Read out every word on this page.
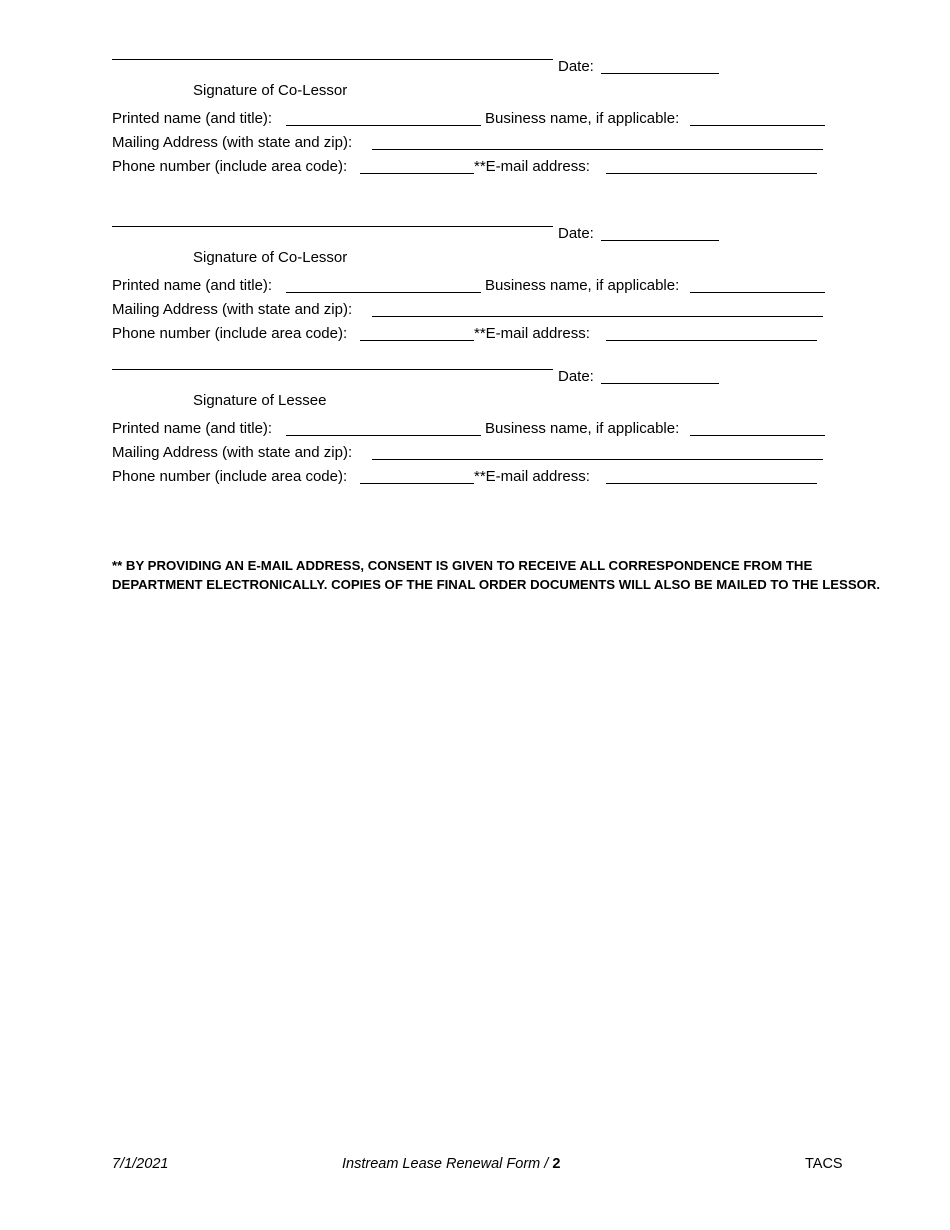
Date:
Signature of Co-Lessor
Printed name (and title):	Business name, if applicable:
Mailing Address (with state and zip):
Phone number (include area code):	**E-mail address:
Date:
Signature of Co-Lessor
Printed name (and title):	Business name, if applicable:
Mailing Address (with state and zip):
Phone number (include area code):	**E-mail address:
Date:
Signature of Lessee
Printed name (and title):	Business name, if applicable:
Mailing Address (with state and zip):
Phone number (include area code):	**E-mail address:
** BY PROVIDING AN E-MAIL ADDRESS, CONSENT IS GIVEN TO RECEIVE ALL CORRESPONDENCE FROM THE DEPARTMENT ELECTRONICALLY. COPIES OF THE FINAL ORDER DOCUMENTS WILL ALSO BE MAILED TO THE LESSOR.
7/1/2021	Instream Lease Renewal Form / 2	TACS
